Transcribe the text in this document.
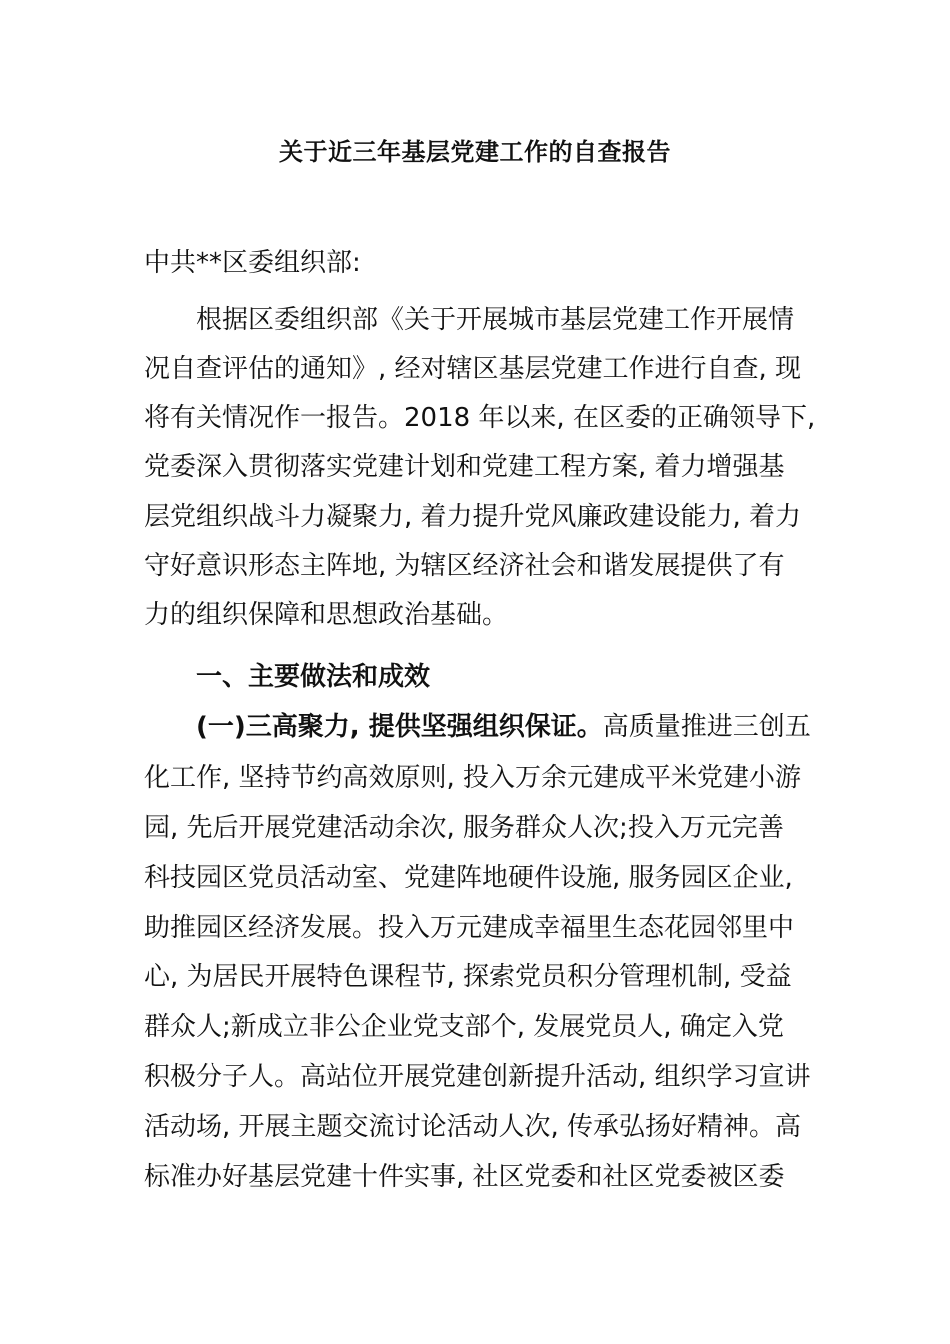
关于近三年基层党建工作的自查报告

中共**区委组织部:

根据区委组织部《关于开展城市基层党建工作开展情

况自查评估的通知》, 经对辖区基层党建工作进行自查, 现

将有关情况作一报告。2018 年以来, 在区委的正确领导下,

党委深入贯彻落实党建计划和党建工程方案, 着力增强基

层党组织战斗力凝聚力, 着力提升党风廉政建设能力, 着力

守好意识形态主阵地, 为辖区经济社会和谐发展提供了有

力的组织保障和思想政治基础。

一、主要做法和成效

(一)三高聚力, 提供坚强组织保证。高质量推进三创五

化工作, 坚持节约高效原则, 投入万余元建成平米党建小游

园, 先后开展党建活动余次, 服务群众人次;投入万元完善

科技园区党员活动室、党建阵地硬件设施, 服务园区企业,

助推园区经济发展。投入万元建成幸福里生态花园邻里中

心, 为居民开展特色课程节, 探索党员积分管理机制, 受益

群众人;新成立非公企业党支部个, 发展党员人, 确定入党

积极分子人。高站位开展党建创新提升活动, 组织学习宣讲

活动场, 开展主题交流讨论活动人次, 传承弘扬好精神。高

标准办好基层党建十件实事, 社区党委和社区党委被区委
